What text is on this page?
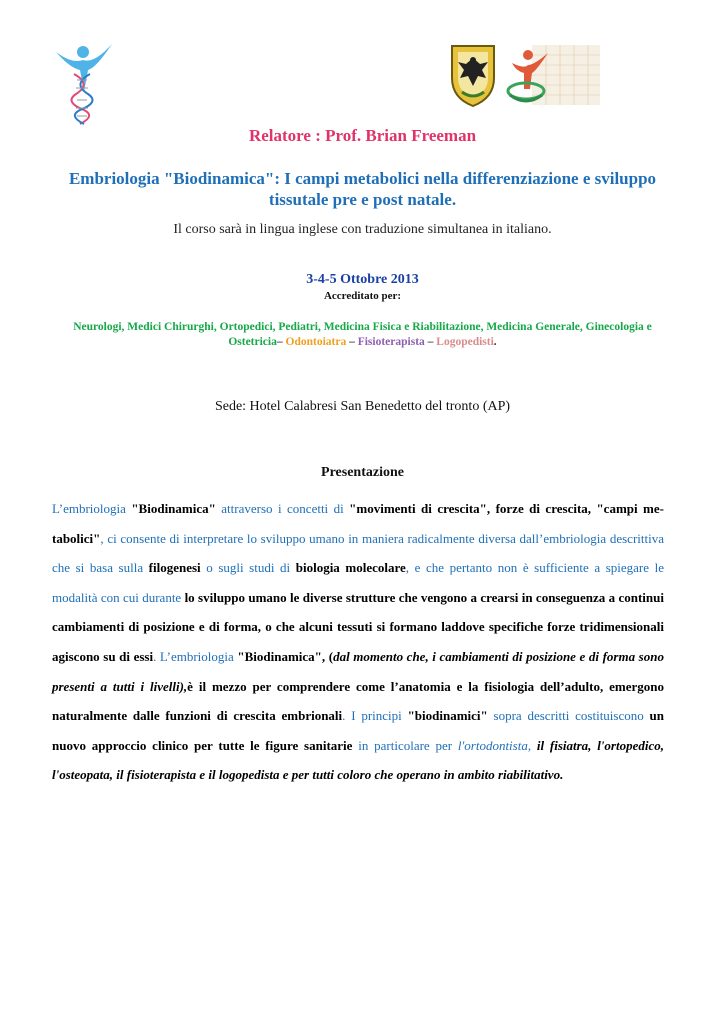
Relatore : Prof. Brian Freeman
Embriologia "Biodinamica": I campi metabolici nella differenziazione e sviluppo
tissutale pre e post natale.
Il corso sarà in lingua inglese con traduzione simultanea in italiano.
3-4-5 Ottobre 2013
Accreditato per:
Neurologi, Medici Chirurghi, Ortopedici, Pediatri, Medicina Fisica e Riabilitazione, Medicina Generale, Ginecologia e Ostetricia– Odontoiatra – Fisioterapista – Logopedisti.
Sede: Hotel Calabresi San Benedetto del tronto (AP)
Presentazione
L’embriologia "Biodinamica" attraverso i concetti di "movimenti di crescita", forze di crescita, "campi metabolici", ci consente di interpretare lo sviluppo umano in maniera radicalmente diversa dall’embriologia descrittiva che si basa sulla filogenesi o sugli studi di biologia molecolare, e che pertanto non è sufficiente a spiegare le modalità con cui durante lo sviluppo umano le diverse strutture che vengono a crearsi in conseguenza a continui cambiamenti di posizione e di forma, o che alcuni tessuti si formano laddove specifiche forze tridimensionali agiscono su di essi. L’embriologia "Biodinamica", (dal momento che, i cambiamenti di posizione e di forma sono presenti a tutti i livelli),è il mezzo per comprendere come l’anatomia e la fisiologia dell’adulto, emergono naturalmente dalle funzioni di crescita embrionali. I principi "biodinamici" sopra descritti costituiscono un nuovo approccio clinico per tutte le figure sanitarie in particolare per l'ortodontista, il fisiatra, l'ortopedico, l'osteopata, il fisioterapista e il logopedista e per tutti coloro che operano in ambito riabilitativo.
